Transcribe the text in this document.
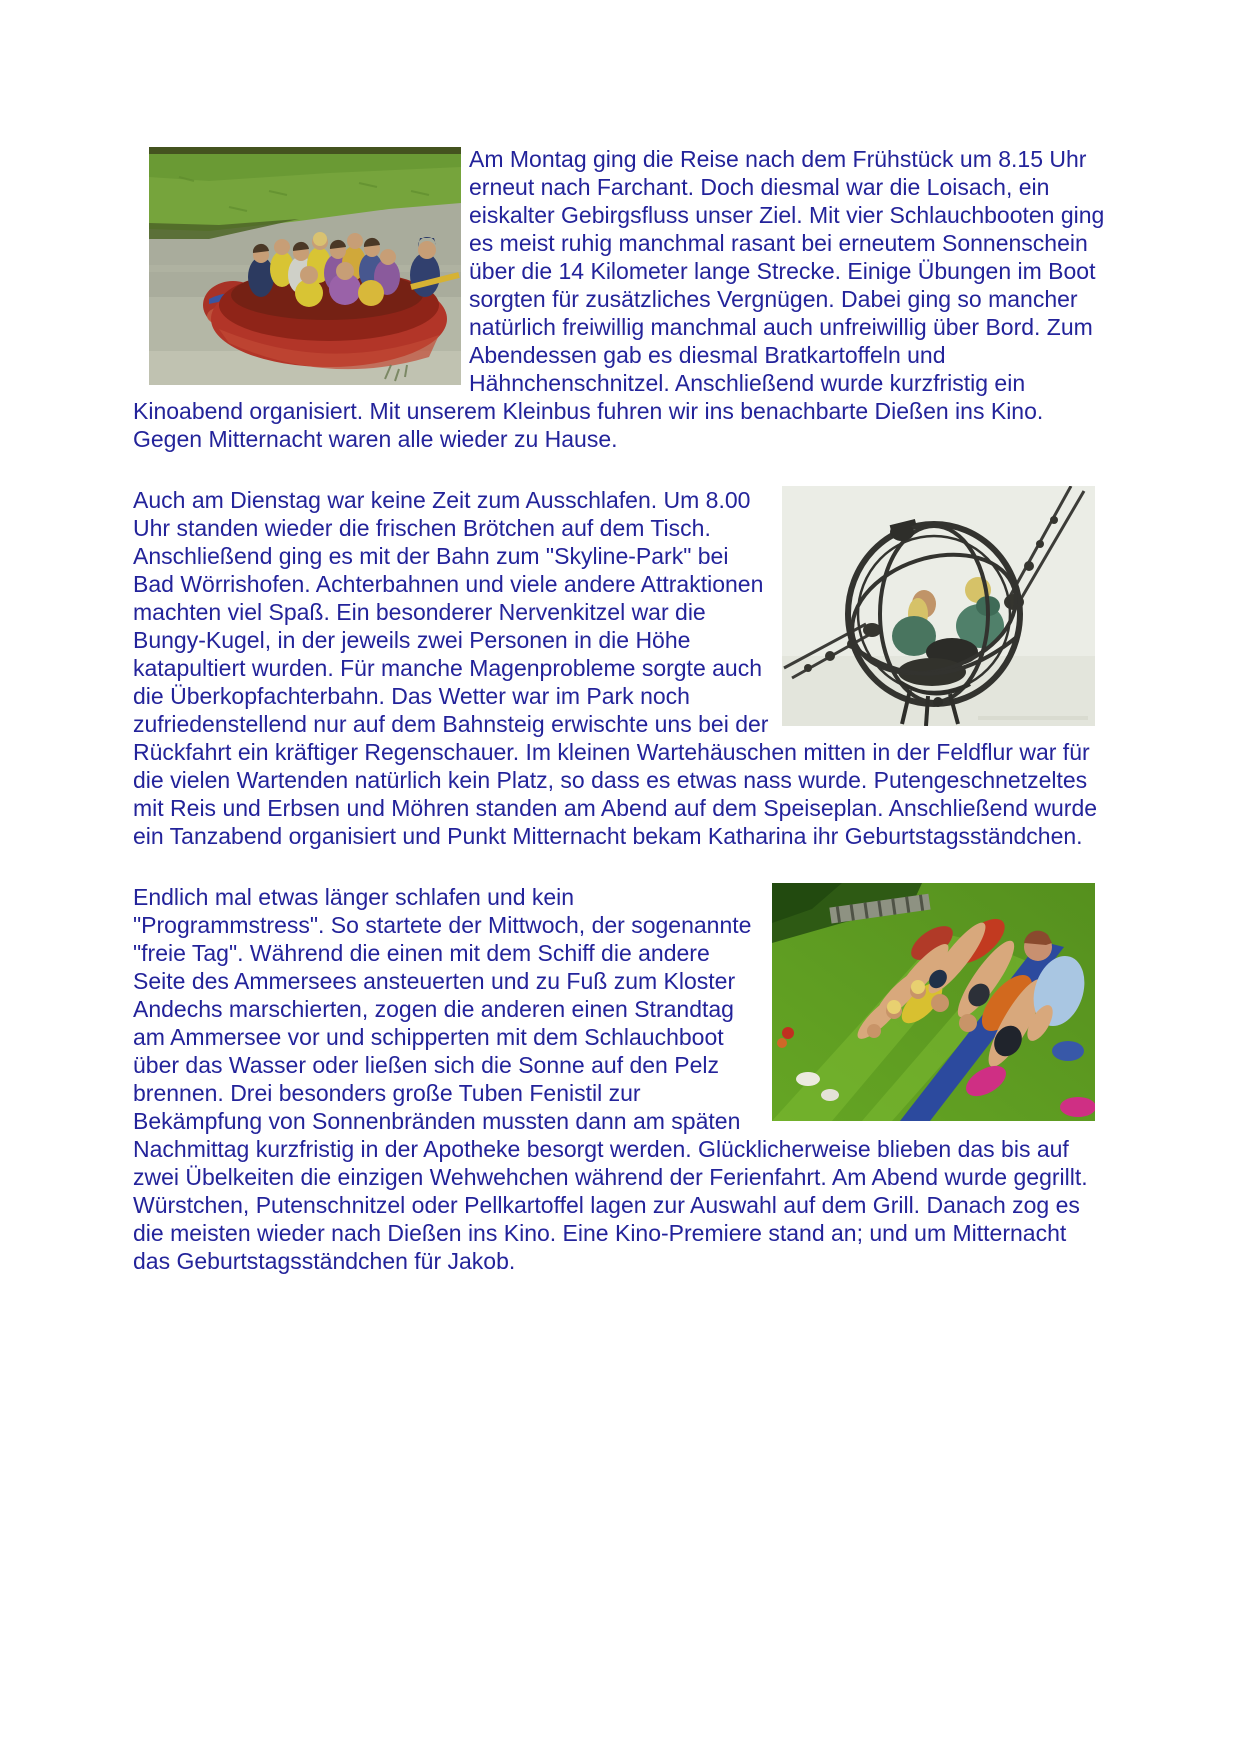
Am Montag ging die Reise nach dem Frühstück um 8.15 Uhr erneut nach Farchant. Doch diesmal war die Loisach, ein eiskalter Gebirgsfluss unser Ziel. Mit vier Schlauchbooten ging es meist ruhig manchmal rasant bei erneutem Sonnenschein über die 14 Kilometer lange Strecke. Einige Übungen im Boot sorgten für zusätzliches Vergnügen. Dabei ging so mancher natürlich freiwillig manchmal auch unfreiwillig über Bord. Zum Abendessen gab es diesmal Bratkartoffeln und Hähnchenschnitzel. Anschließend wurde kurzfristig ein Kinoabend organisiert. Mit unserem Kleinbus fuhren wir ins benachbarte Dießen ins Kino. Gegen Mitternacht waren alle wieder zu Hause.
Auch am Dienstag war keine Zeit zum Ausschlafen. Um 8.00 Uhr standen wieder die frischen Brötchen auf dem Tisch. Anschließend ging es mit der Bahn zum "Skyline-Park" bei Bad Wörrishofen. Achterbahnen und viele andere Attraktionen machten viel Spaß. Ein besonderer Nervenkitzel war die Bungy-Kugel, in der jeweils zwei Personen in die Höhe katapultiert wurden. Für manche Magenprobleme sorgte auch die Überkopfachterbahn. Das Wetter war im Park noch zufriedenstellend nur auf dem Bahnsteig erwischte uns bei der Rückfahrt ein kräftiger Regenschauer. Im kleinen Wartehäuschen mitten in der Feldflur war für die vielen Wartenden natürlich kein Platz, so dass es etwas nass wurde. Putengeschnetzeltes mit Reis und Erbsen und Möhren standen am Abend auf dem Speiseplan. Anschließend wurde ein Tanzabend organisiert und Punkt Mitternacht bekam Katharina ihr Geburtstagsständchen.
Endlich mal etwas länger schlafen und kein "Programmstress". So startete der Mittwoch, der sogenannte "freie Tag". Während die einen mit dem Schiff die andere Seite des Ammersees ansteuerten und zu Fuß zum Kloster Andechs marschierten, zogen die anderen einen Strandtag am Ammersee vor und schipperten mit dem Schlauchboot über das Wasser oder ließen sich die Sonne auf den Pelz brennen. Drei besonders große Tuben Fenistil zur Bekämpfung von Sonnenbränden mussten dann am späten Nachmittag kurzfristig in der Apotheke besorgt werden. Glücklicherweise blieben das bis auf zwei Übelkeiten die einzigen Wehwehchen während der Ferienfahrt. Am Abend wurde gegrillt. Würstchen, Putenschnitzel oder Pellkartoffel lagen zur Auswahl auf dem Grill. Danach zog es die meisten wieder nach Dießen ins Kino. Eine Kino-Premiere stand an; und um Mitternacht das Geburtstagsständchen für Jakob.
